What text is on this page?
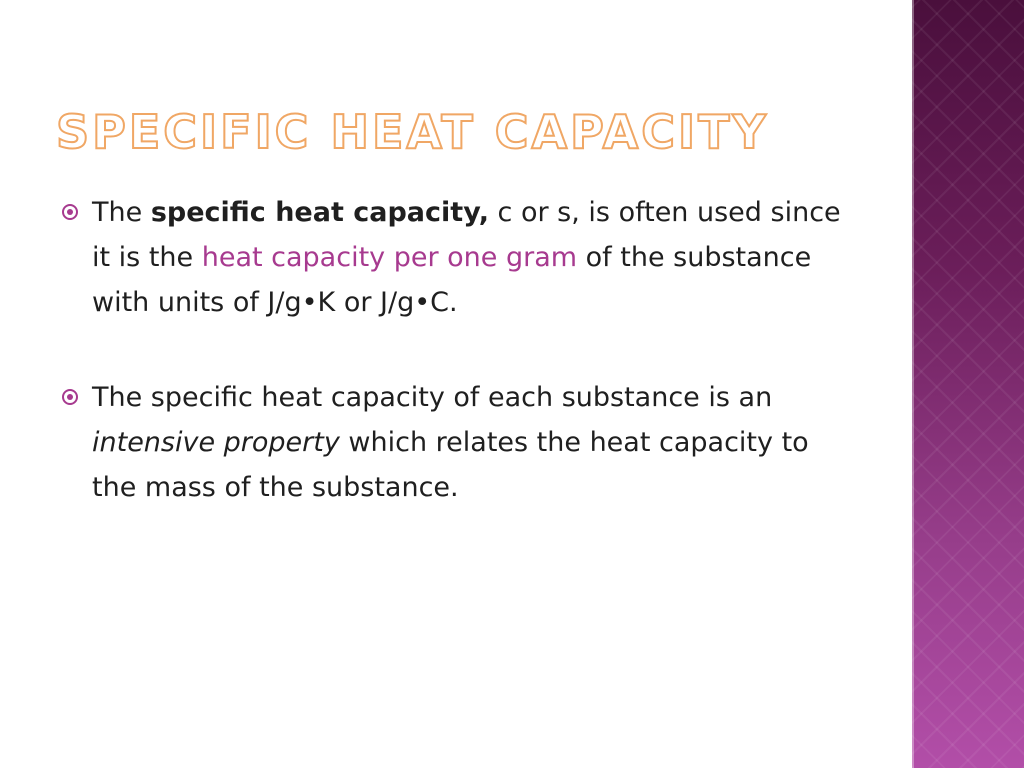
SPECIFIC HEAT CAPACITY

The specific heat capacity, c or s, is often used since it is the heat capacity per one gram of the substance with units of J/g•K or J/g•C.

The specific heat capacity of each substance is an intensive property which relates the heat capacity to the mass of the substance.
